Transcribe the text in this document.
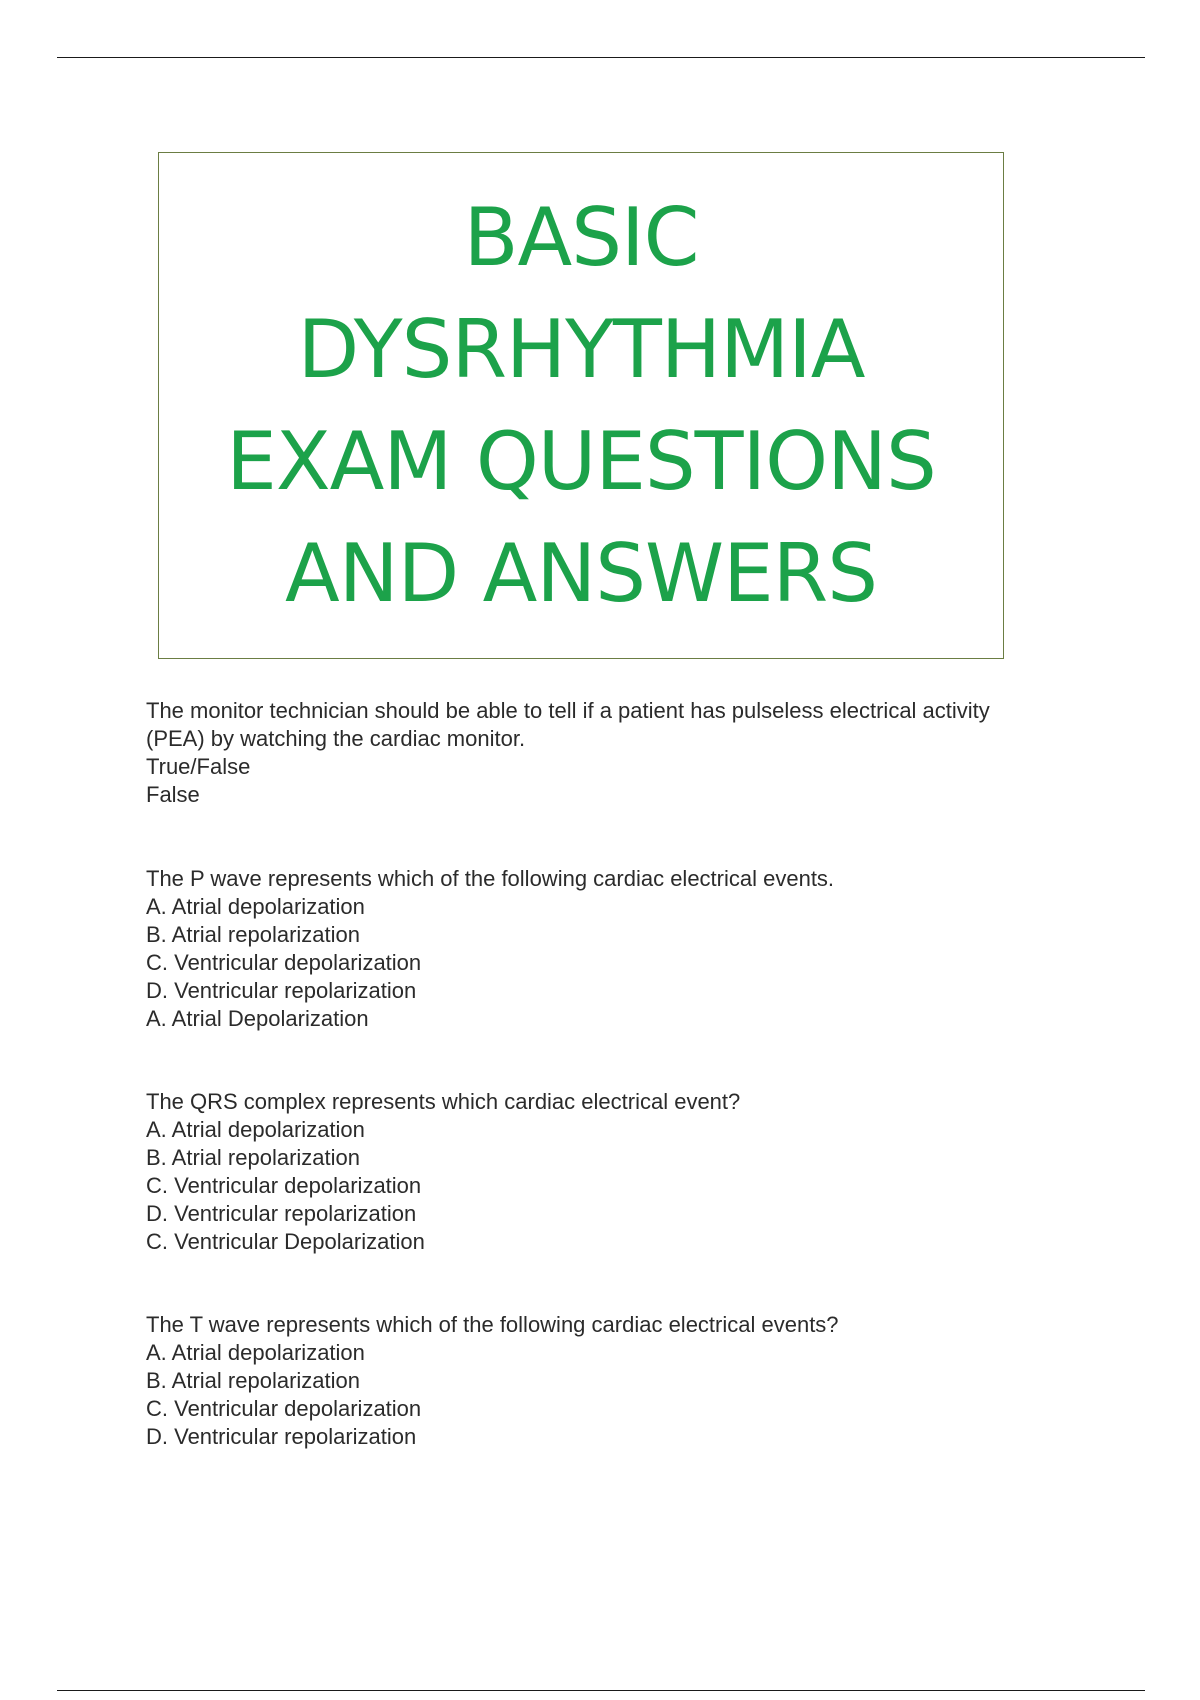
BASIC
DYSRHYTHMIA
EXAM QUESTIONS
AND ANSWERS
The monitor technician should be able to tell if a patient has pulseless electrical activity
(PEA) by watching the cardiac monitor.
True/False
False
The P wave represents which of the following cardiac electrical events.
A. Atrial depolarization
B. Atrial repolarization
C. Ventricular depolarization
D. Ventricular repolarization
A. Atrial Depolarization
The QRS complex represents which cardiac electrical event?
A. Atrial depolarization
B. Atrial repolarization
C. Ventricular depolarization
D. Ventricular repolarization
C. Ventricular Depolarization
The T wave represents which of the following cardiac electrical events?
A. Atrial depolarization
B. Atrial repolarization
C. Ventricular depolarization
D. Ventricular repolarization
